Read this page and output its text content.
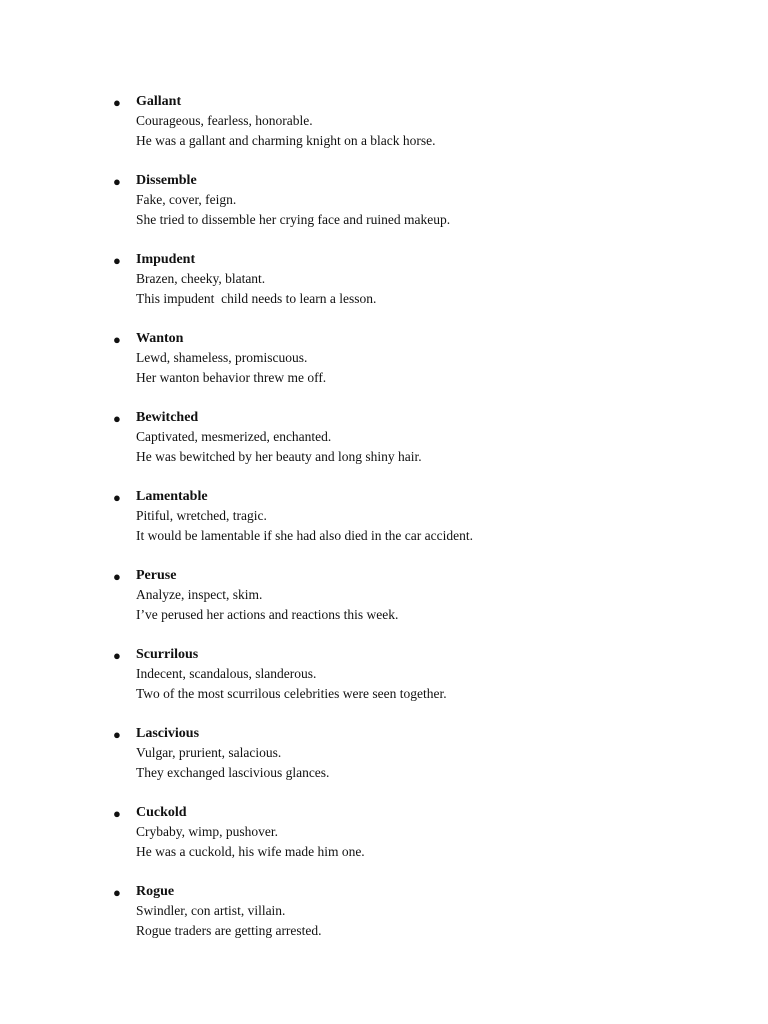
● Gallant
Courageous, fearless, honorable.
He was a gallant and charming knight on a black horse.
● Dissemble
Fake, cover, feign.
She tried to dissemble her crying face and ruined makeup.
● Impudent
Brazen, cheeky, blatant.
This impudent  child needs to learn a lesson.
● Wanton
Lewd, shameless, promiscuous.
Her wanton behavior threw me off.
● Bewitched
Captivated, mesmerized, enchanted.
He was bewitched by her beauty and long shiny hair.
● Lamentable
Pitiful, wretched, tragic.
It would be lamentable if she had also died in the car accident.
● Peruse
Analyze, inspect, skim.
I’ve perused her actions and reactions this week.
● Scurrilous
Indecent, scandalous, slanderous.
Two of the most scurrilous celebrities were seen together.
● Lascivious
Vulgar, prurient, salacious.
They exchanged lascivious glances.
● Cuckold
Crybaby, wimp, pushover.
He was a cuckold, his wife made him one.
● Rogue
Swindler, con artist, villain.
Rogue traders are getting arrested.
